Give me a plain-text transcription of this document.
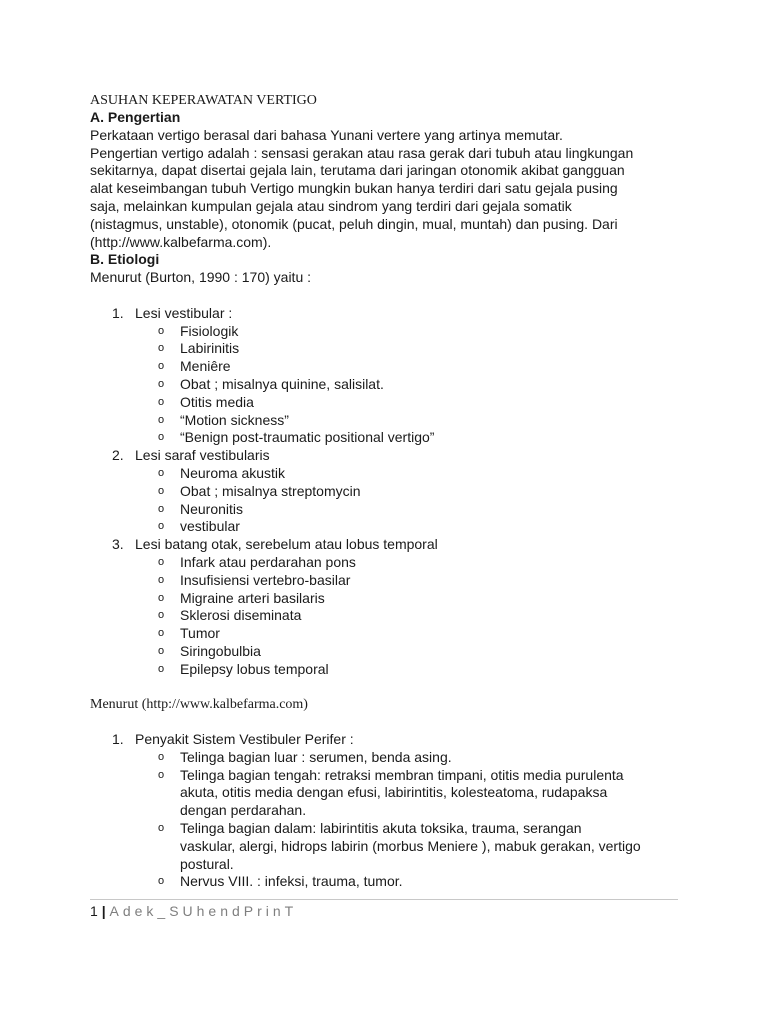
ASUHAN KEPERAWATAN VERTIGO

A. Pengertian

Perkataan vertigo berasal dari bahasa Yunani vertere yang artinya memutar.

Pengertian vertigo adalah : sensasi gerakan atau rasa gerak dari tubuh atau lingkungan

sekitarnya, dapat disertai gejala lain, terutama dari jaringan otonomik akibat gangguan

alat keseimbangan tubuh Vertigo mungkin bukan hanya terdiri dari satu gejala pusing

saja, melainkan kumpulan gejala atau sindrom yang terdiri dari gejala somatik

(nistagmus, unstable), otonomik (pucat, peluh dingin, mual, muntah) dan pusing. Dari

(http://www.kalbefarma.com).

B. Etiologi

Menurut (Burton, 1990 : 170) yaitu :

1. Lesi vestibular :
o Fisiologik
o Labirinitis
o Meniêre
o Obat ; misalnya quinine, salisilat.
o Otitis media
o “Motion sickness”
o “Benign post-traumatic positional vertigo”
2. Lesi saraf vestibularis
o Neuroma akustik
o Obat ; misalnya streptomycin
o Neuronitis
o vestibular
3. Lesi batang otak, serebelum atau lobus temporal
o Infark atau perdarahan pons
o Insufisiensi vertebro-basilar
o Migraine arteri basilaris
o Sklerosi diseminata
o Tumor
o Siringobulbia
o Epilepsy lobus temporal

Menurut (http://www.kalbefarma.com)

1. Penyakit Sistem Vestibuler Perifer :
o Telinga bagian luar : serumen, benda asing.
o Telinga bagian tengah: retraksi membran timpani, otitis media purulenta
akuta, otitis media dengan efusi, labirintitis, kolesteatoma, rudapaksa
dengan perdarahan.
o Telinga bagian dalam: labirintitis akuta toksika, trauma, serangan
vaskular, alergi, hidrops labirin (morbus Meniere ), mabuk gerakan, vertigo
postural.
o Nervus VIII. : infeksi, trauma, tumor.
1 | Adek_SUhendPrinT
